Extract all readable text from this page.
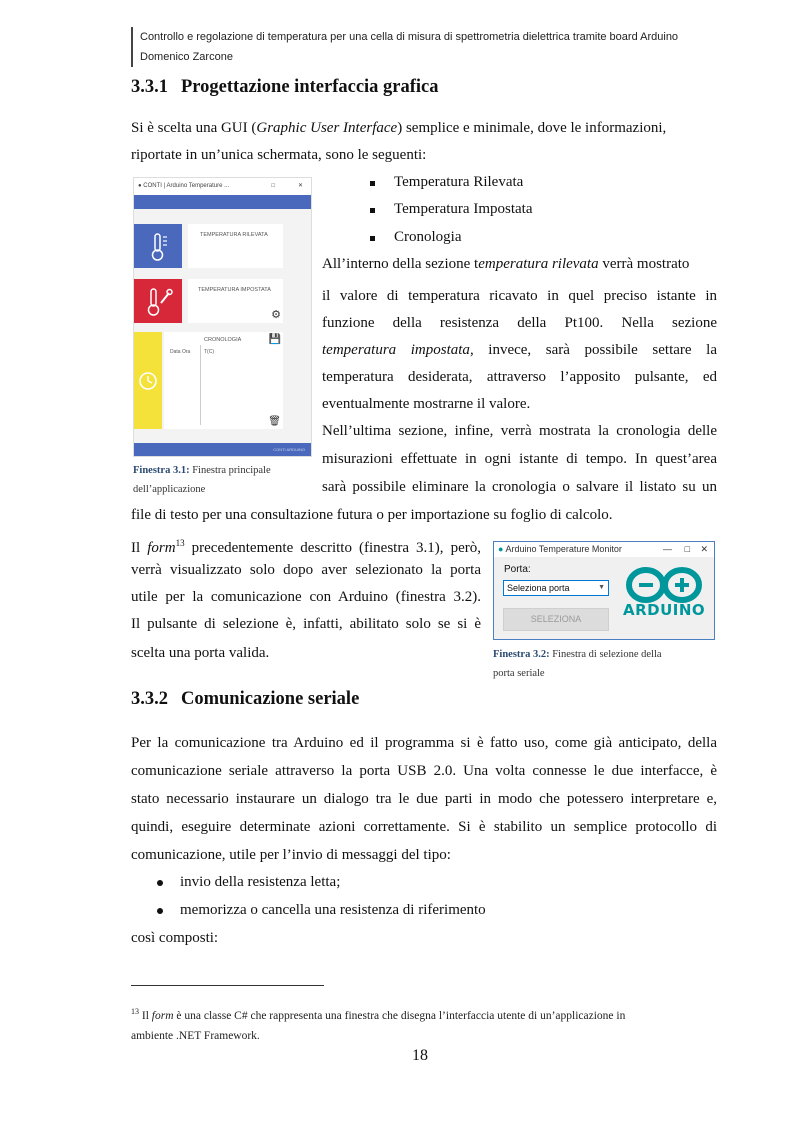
Controllo e regolazione di temperatura per una cella di misura di spettrometria dielettrica tramite board Arduino
Domenico Zarcone
3.3.1 Progettazione interfaccia grafica
Si è scelta una GUI (Graphic User Interface) semplice e minimale, dove le informazioni,
riportate in un’unica schermata, sono le seguenti:
● CONTI | Arduino Temperature ...	□	✕
TEMPERATURA RILEVATA
TEMPERATURA IMPOSTATA
⚙
CRONOLOGIA
Data Ora	T(C)
💾
🗑
CONTI ARDUINO
Finestra 3.1: Finestra principale
dell’applicazione
Temperatura Rilevata
Temperatura Impostata
Cronologia
All’interno della sezione temperatura rilevata verrà mostrato
il valore di temperatura ricavato in quel preciso istante in
funzione della resistenza della Pt100. Nella sezione
temperatura impostata, invece, sarà possibile settare la
temperatura desiderata, attraverso l’apposito pulsante, ed
eventualmente mostrarne il valore.
Nell’ultima sezione, infine, verrà mostrata la cronologia delle
misurazioni effettuate in ogni istante di tempo. In quest’area
sarà possibile eliminare la cronologia o salvare il listato su un
file di testo per una consultazione futura o per importazione su foglio di calcolo.
Il form$^{13}$ precedentemente descritto (finestra 3.1), però,
verrà visualizzato solo dopo aver selezionato la porta
utile per la comunicazione con Arduino (finestra 3.2).
Il pulsante di selezione è, infatti, abilitato solo se si è
scelta una porta valida.
● Arduino Temperature Monitor	— □ ✕
Porta:
Seleziona porta	▼
SELEZIONA	ARDUINO
Finestra 3.2: Finestra di selezione della
porta seriale
3.3.2 Comunicazione seriale
Per la comunicazione tra Arduino ed il programma si è fatto uso, come già anticipato, della
comunicazione seriale attraverso la porta USB 2.0. Una volta connesse le due interfacce, è
stato necessario instaurare un dialogo tra le due parti in modo che potessero interpretare e,
quindi, eseguire determinate azioni correttamente. Si è stabilito un semplice protocollo di
comunicazione, utile per l’invio di messaggi del tipo:
invio della resistenza letta;
memorizza o cancella una resistenza di riferimento
così composti:
$^{13}$ Il form è una classe C# che rappresenta una finestra che disegna l’interfaccia utente di un’applicazione in
ambiente .NET Framework.
18
